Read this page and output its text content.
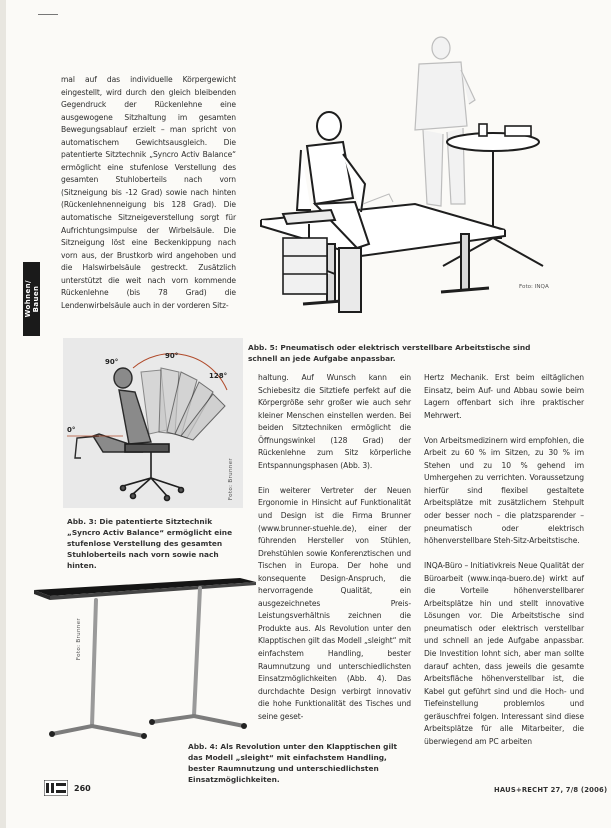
mal auf das individuelle Körpergewicht eingestellt, wird durch den gleich bleibenden Gegendruck der Rückenlehne eine ausgewogene Sitzhaltung im gesamten Bewegungsablauf erzielt – man spricht von automatischem Gewichtsausgleich. Die patentierte Sitztechnik „Syncro Activ Balance“ ermöglicht eine stufenlose Verstellung des gesamten Stuhloberteils nach vorn (Sitzneigung bis -12 Grad) sowie nach hinten (Rückenlehnenneigung bis 128 Grad). Die automatische Sitzneigeverstellung sorgt für Aufrichtungsimpulse der Wirbelsäule. Die Sitzneigung löst eine Beckenkippung nach vorn aus, der Brustkorb wird angehoben und die Halswirbelsäule gestreckt. Zusätzlich unterstützt die weit nach vorn kommende Rückenlehne (bis 78 Grad) die Lendenwirbelsäule auch in der vorderen Sitz-
Wohnen/
Bauen	Foto: INQA
Abb. 5: Pneumatisch oder elektrisch verstellbare Arbeitstische sind schnell an jede Aufgabe anpassbar.
90°
90°
128°
0°
Foto: Brunner
Abb. 3: Die patentierte Sitztechnik „Syncro Activ Balance“ ermöglicht eine stufenlose Verstellung des gesamten Stuhloberteils nach vorn sowie nach hinten.
haltung. Auf Wunsch kann ein Schiebesitz die Sitztiefe perfekt auf die Körpergröße sehr großer wie auch sehr kleiner Menschen einstellen werden. Bei beiden Sitztechniken ermöglicht die Öffnungswinkel (128 Grad) der Rückenlehne zum Sitz körperliche Entspannungsphasen (Abb. 3).

Ein weiterer Vertreter der Neuen Ergonomie in Hinsicht auf Funktionalität und Design ist die Firma Brunner (www.brunner-stuehle.de), einer der führenden Hersteller von Stühlen, Drehstühlen sowie Konferenztischen und Tischen in Europa. Der hohe und konsequente Design-Anspruch, die hervorragende Qualität, ein ausgezeichnetes Preis-Leistungsverhältnis zeichnen die Produkte aus. Als Revolution unter den Klapptischen gilt das Modell „sleight“ mit einfachstem Handling, bester Raumnutzung und unterschiedlichsten Einsatzmöglichkeiten (Abb. 4). Das durchdachte Design verbirgt innovativ die hohe Funktionalität des Tisches und seine geset-
Hertz Mechanik. Erst beim eiltäglichen Einsatz, beim Auf- und Abbau sowie beim Lagern offenbart sich ihre praktischer Mehrwert.

Von Arbeitsmedizinern wird empfohlen, die Arbeit zu 60 % im Sitzen, zu 30 % im Stehen und zu 10 % gehend im Umhergehen zu verrichten. Voraussetzung hierfür sind flexibel gestaltete Arbeitsplätze mit zusätzlichem Stehpult oder besser noch – die platzsparender – pneumatisch oder elektrisch höhenverstellbare Steh-Sitz-Arbeitstische.

INQA-Büro – Initiativkreis Neue Qualität der Büroarbeit (www.inqa-buero.de) wirkt auf die Vorteile höhenverstellbarer Arbeitsplätze hin und stellt innovative Lösungen vor. Die Arbeitstische sind pneumatisch oder elektrisch verstellbar und schnell an jede Aufgabe anpassbar. Die Investition lohnt sich, aber man sollte darauf achten, dass jeweils die gesamte Arbeitsfläche höhenverstellbar ist, die Kabel gut geführt sind und die Hoch- und Tiefeinstellung problemlos und geräuschfrei folgen. Interessant sind diese Arbeitsplätze für alle Mitarbeiter, die überwiegend am PC arbeiten
Foto: Brunner
Abb. 4: Als Revolution unter den Klapptischen gilt das Modell „sleight“ mit einfachstem Handling, bester Raumnutzung und unterschiedlichsten Einsatzmöglichkeiten.
260	HAUS+RECHT 27, 7/8 (2006)
